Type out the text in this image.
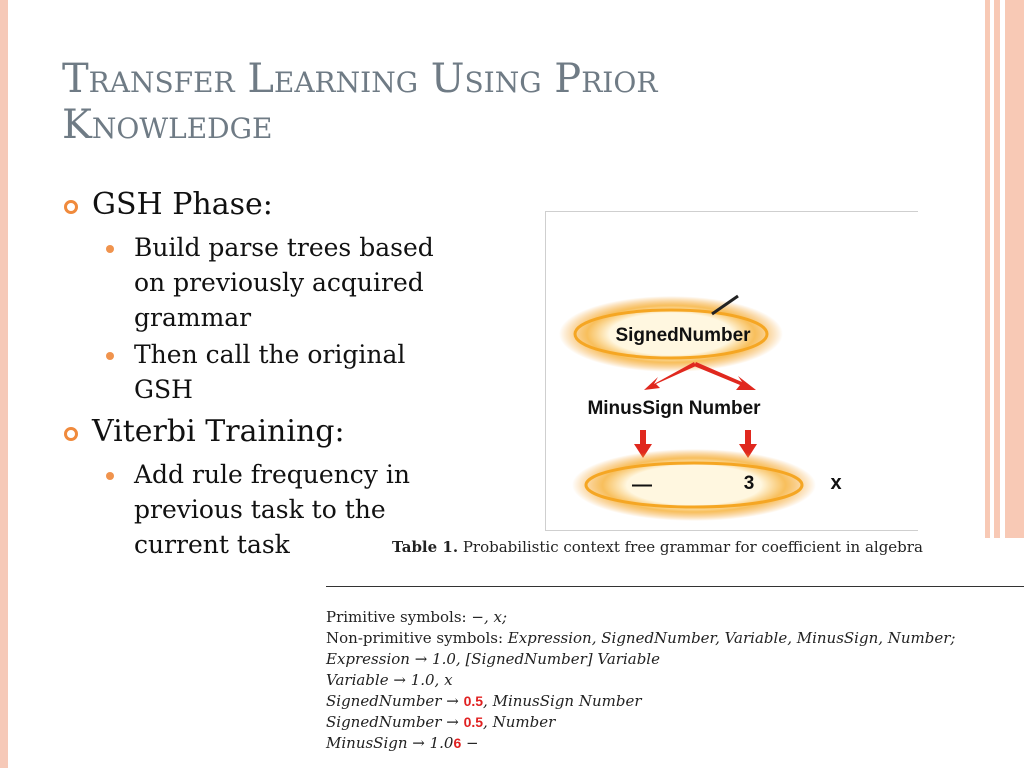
Transfer Learning Using Prior
Knowledge
GSH Phase:
Build parse trees based on previously acquired grammar
Then call the original GSH
Viterbi Training:
Add rule frequency in previous task to the current task
SignedNumber
MinusSign Number
—	3	x
Table 1. Probabilistic context free grammar for coefficient in algebra
Primitive symbols: −, x;
Non-primitive symbols: Expression, SignedNumber, Variable, MinusSign, Number;
Expression → 1.0, [SignedNumber] Variable
Variable → 1.0, x
SignedNumber → 0.5, MinusSign Number
SignedNumber → 0.5, Number
MinusSign → 1.06 −
